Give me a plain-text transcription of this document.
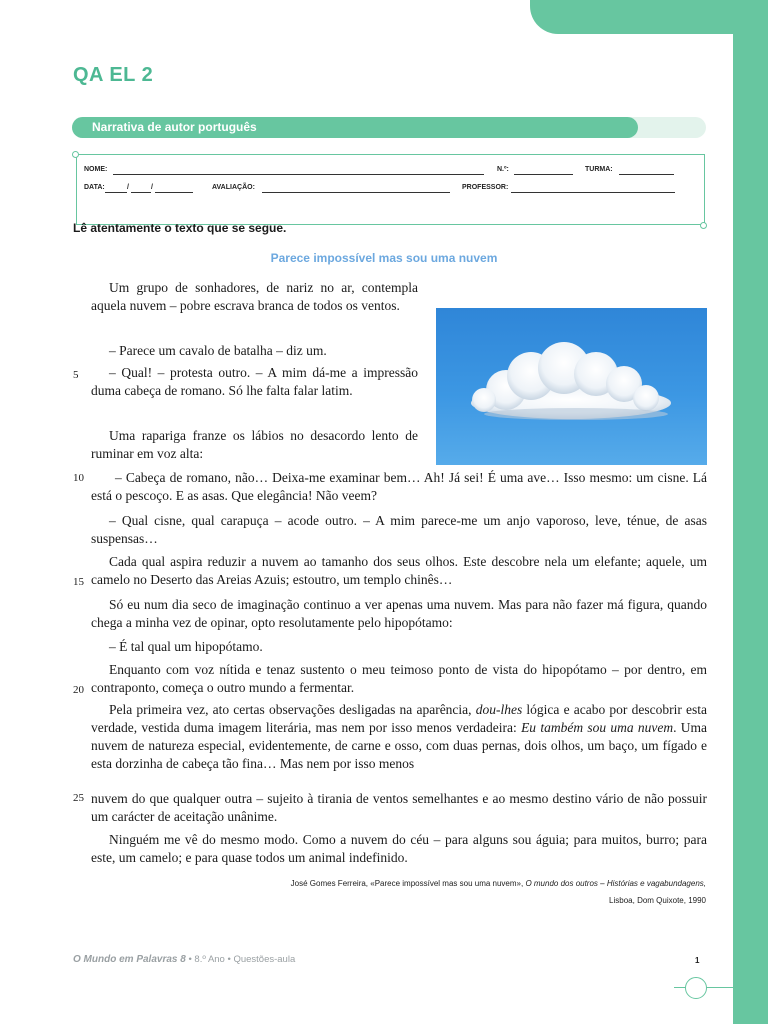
QA EL 2
Narrativa de autor português
NOME:	N.º:	TURMA:
DATA:	/	/	AVALIAÇÃO:	PROFESSOR:
Lê atentamente o texto que se segue.
Parece impossível mas sou uma nuvem
5
10
15
20
25

Um grupo de sonhadores, de nariz no ar, contempla aquela nuvem – pobre escrava branca de todos os ventos.

– Parece um cavalo de batalha – diz um.

– Qual! – protesta outro. – A mim dá-me a impressão duma cabeça de romano. Só lhe falta falar latim.

Uma rapariga franze os lábios no desacordo lento de ruminar em voz alta:

– Cabeça de romano, não… Deixa-me examinar bem… Ah! Já sei! É uma ave… Isso mesmo: um cisne. Lá está o pescoço. E as asas. Que elegância! Não veem?

– Qual cisne, qual carapuça – acode outro. – A mim parece-me um anjo vaporoso, leve, ténue, de asas suspensas…

Cada qual aspira reduzir a nuvem ao tamanho dos seus olhos. Este descobre nela um elefante; aquele, um camelo no Deserto das Areias Azuis; estoutro, um templo chinês…

Só eu num dia seco de imaginação continuo a ver apenas uma nuvem. Mas para não fazer má figura, quando chega a minha vez de opinar, opto resolutamente pelo hipopótamo:

– É tal qual um hipopótamo.

Enquanto com voz nítida e tenaz sustento o meu teimoso ponto de vista do hipopótamo – por dentro, em contraponto, começa o outro mundo a fermentar.

Pela primeira vez, ato certas observações desligadas na aparência, dou-lhes lógica e acabo por descobrir esta verdade, vestida duma imagem literária, mas nem por isso menos verdadeira: Eu também sou uma nuvem. Uma nuvem de natureza especial, evidentemente, de carne e osso, com duas pernas, dois olhos, um baço, um fígado e esta dorzinha de cabeça tão fina… Mas nem por isso menos

nuvem do que qualquer outra – sujeito à tirania de ventos semelhantes e ao mesmo destino vário de não possuir um carácter de aceitação unânime.

Ninguém me vê do mesmo modo. Como a nuvem do céu – para alguns sou águia; para muitos, burro; para este, um camelo; e para quase todos um animal indefinido.

José Gomes Ferreira, «Parece impossível mas sou uma nuvem», O mundo dos outros – Histórias e vagabundagens,
Lisboa, Dom Quixote, 1990
O Mundo em Palavras 8 • 8.º Ano • Questões-aula	1
